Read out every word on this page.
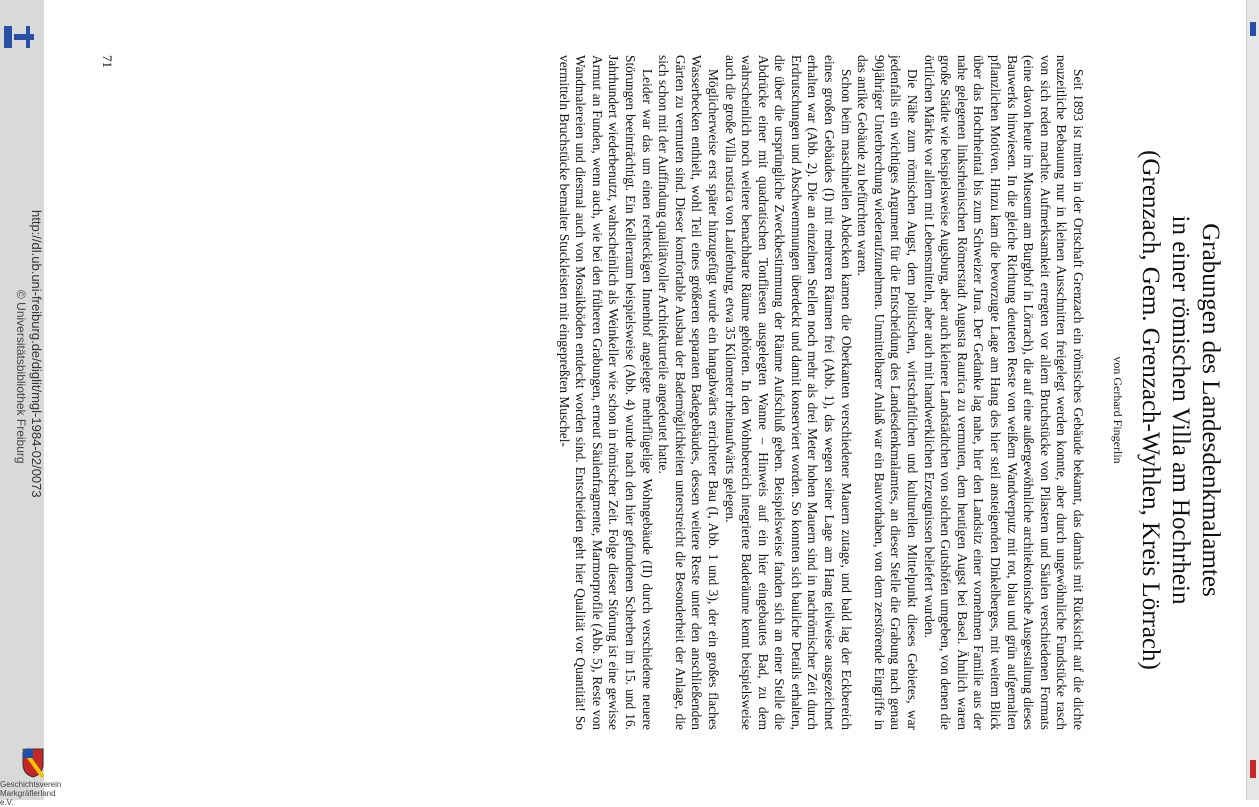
http://dl.ub.uni-freiburg.de/diglit/mgl-1984-02/0073
© Universitätsbibliothek Freiburg
Geschichtsverein Markgräflerland e.V.
Grabungen des Landesdenkmalamtes
in einer römischen Villa am Hochrhein
(Grenzach, Gem. Grenzach-Wyhlen, Kreis Lörrach)
von Gerhard Fingerlin

Seit 1893 ist mitten in der Ortschaft Grenzach ein römisches Gebäude bekannt, das damals mit Rücksicht auf die dichte neuzeitliche Bebauung nur in kleinen Ausschnitten freigelegt werden konnte, aber durch ungewöhnliche Fundstücke rasch von sich reden machte. Aufmerksamkeit erregten vor allem Bruchstücke von Pilastern und Säulen verschiedenen Formats (eine davon heute im Museum am Burghof in Lörrach), die auf eine außergewöhnliche architektonische Ausgestaltung dieses Bauwerks hinwiesen. In die gleiche Richtung deuteten Reste von weißem Wandverputz mit rot, blau und grün aufgemalten pflanzlichen Motiven. Hinzu kam die bevorzugte Lage am Hang des hier steil ansteigenden Dinkelberges, mit weitem Blick über das Hochrheintal bis zum Schweizer Jura. Der Gedanke lag nahe, hier den Landsitz einer vornehmen Familie aus der nahe gelegenen linksrheinischen Römerstadt Augusta Raurica zu vermuten, dem heutigen Augst bei Basel. Ähnlich waren große Städte wie beispielsweise Augsburg, aber auch kleinere Landstädtchen von solchen Gutshöfen umgeben, von denen die örtlichen Märkte vor allem mit Lebensmitteln, aber auch mit handwerklichen Erzeugnissen beliefert wurden.

Die Nähe zum römischen Augst, dem politischen, wirtschaftlichen und kulturellen Mittelpunkt dieses Gebietes, war jedenfalls ein wichtiges Argument für die Entscheidung des Landesdenkmalamtes, an dieser Stelle die Grabung nach genau 90jähriger Unterbrechung wiederaufzunehmen. Unmittelbarer Anlaß war ein Bauvorhaben, von dem zerstörende Eingriffe in das antike Gebäude zu befürchten waren.

Schon beim maschinellen Abdecken kamen die Oberkanten verschiedener Mauern zutage, und bald lag der Eckbereich eines großen Gebäudes (I) mit mehreren Räumen frei (Abb. 1), das wegen seiner Lage am Hang teilweise ausgezeichnet erhalten war (Abb. 2). Die an einzelnen Stellen noch mehr als drei Meter hohen Mauern sind in nachrömischer Zeit durch Erdrutschungen und Abschwemmungen überdeckt und damit konserviert worden. So konnten sich bauliche Details erhalten, die über die ursprüngliche Zweckbestimmung der Räume Aufschluß geben. Beispielsweise fanden sich an einer Stelle die Abdrücke einer mit quadratischen Tonfliesen ausgelegten Wanne – Hinweis auf ein hier eingebautes Bad, zu dem wahrscheinlich noch weitere benachbarte Räume gehörten. In den Wohnbereich integrierte Baderäume kennt beispielsweise auch die große Villa rustica von Laufenburg, etwa 35 Kilometer rheinaufwärts gelegen.

Möglicherweise erst später hinzugefügt wurde ein hangabwärts errichteter Bau (I, Abb. 1 und 3), der ein großes flaches Wasserbecken enthielt, wohl Teil eines größeren separaten Badegebäudes, dessen weitere Reste unter den anschließenden Gärten zu vermuten sind. Dieser komfortable Ausbau der Bademöglichkeiten unterstreicht die Besonderheit der Anlage, die sich schon mit der Auffindung qualitätvoller Architekturteile angedeutet hatte.

Leider war das um einen rechteckigen Innenhof angelegte mehrflügelige Wohngebäude (II) durch verschiedene neuere Störungen beeinträchtigt. Ein Kellerraum beispielsweise (Abb. 4) wurde nach den hier gefundenen Scherben im 15. und 16. Jahrhundert wiederbenutzt, wahrscheinlich als Weinkeller wie schon in römischer Zeit. Folge dieser Störung ist eine gewisse Armut an Funden, wenn auch, wie bei den früheren Grabungen, erneut Säulenfragmente, Marmorprofile (Abb. 5), Reste von Wandmalereien und diesmal auch von Mosaikböden entdeckt worden sind. Entscheiden geht hier Qualität vor Quantität! So vermitteln Bruchstücke bemalter Stuckleisten mit eingepreßten Muschel-

71
